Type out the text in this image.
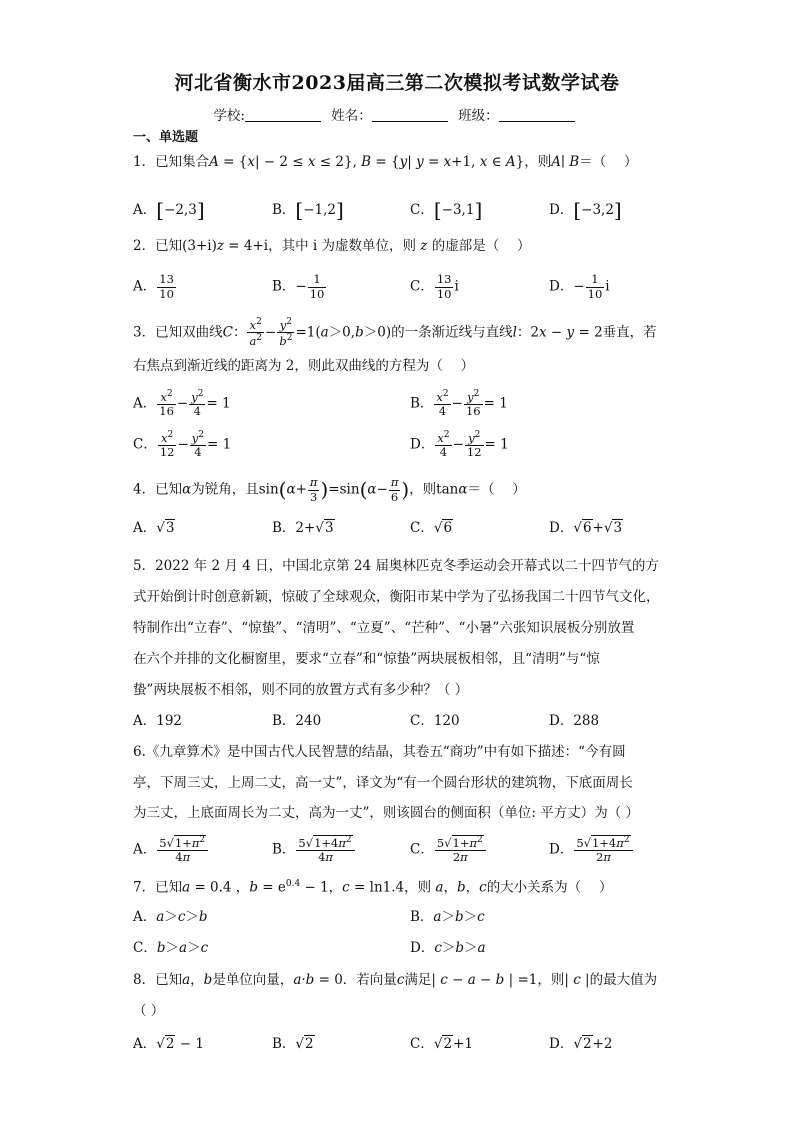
河北省衡水市2023届高三第二次模拟考试数学试卷
学校:	姓名：	班级：
一、单选题
1．已知集合A = {x| − 2 ≤ x ≤ 2}, B = {y| y = x+1, x ∈ A}，则A∣ B＝（　 ）
A．[−2,3]	B．[−1,2]	C．[−3,1]	D．[−3,2]
2．已知(3+i)z = 4+i，其中 i 为虚数单位，则 z 的虚部是（　 ）
A． $\frac{13}{10}$	B．− $\frac{1}{10}$	C． $\frac{13}{10}$ i	D．− $\frac{1}{10}$ i
3．已知双曲线C： $\frac{x^2}{a^2} - \frac{y^2}{b^2} =1(a>0,b>0)$的一条渐近线与直线l：2x − y = 2垂直，若
右焦点到渐近线的距离为 2，则此双曲线的方程为（　 ）
A． $\frac{x^2}{16} - \frac{y^2}{4} = 1$	B． $\frac{x^2}{4} - \frac{y^2}{16} = 1$
C． $\frac{x^2}{12} - \frac{y^2}{4} = 1$	D． $\frac{x^2}{4} - \frac{y^2}{12} = 1$
4．已知α为锐角，且$\sin(\alpha+ \frac{\pi}{3} )=\sin(\alpha- \frac{\pi}{6}$ )，则tanα＝（　 ）
A．√3	B．2+√3	C．√6	D．√6+√3
5．2022 年 2 月 4 日，中国北京第 24 届奥林匹克冬季运动会开幕式以二十四节气的方
式开始倒计时创意新颖，惊破了全球观众，衡阳市某中学为了弘扬我国二十四节气文化，
特制作出“立春”、“惊蛰”、“清明”、“立夏”、“芒种”、“小暑”六张知识展板分别放置
在六个并排的文化橱窗里，要求“立春”和“惊蛰”两块展板相邻，且“清明”与“惊
蛰”两块展板不相邻，则不同的放置方式有多少种？（ ）
A．192	B．240	C．120	D．288
6.《九章算术》是中国古代人民智慧的结晶，其卷五“商功”中有如下描述：“今有圆
亭，下周三丈，上周二丈，高一丈”，译文为“有一个圆台形状的建筑物，下底面周长
为三丈，上底面周长为二丈，高为一丈”，则该圆台的侧面积（单位: 平方丈）为（ ）
A． $\frac{5√1+\pi^2}{4\pi}$	B． $\frac{5√1+4\pi^2}{4\pi}$	C． $\frac{5√1+\pi^2}{2\pi}$	D． $\frac{5√1+4\pi^2}{2\pi}$
7．已知a = 0.4 ，$b = e^{0.4} - 1$，c = ln1.4，则 a，b，c的大小关系为（　 ）
A．a＞c＞b	B．a＞b＞c
C．b＞a＞c	D．c＞b＞a
8．已知a，b是单位向量，a·b = 0．若向量c满足| c − a − b | =1，则| c |的最大值为
（ ）
A．√2 − 1	B．√2	C．√2+1	D．√2+2
